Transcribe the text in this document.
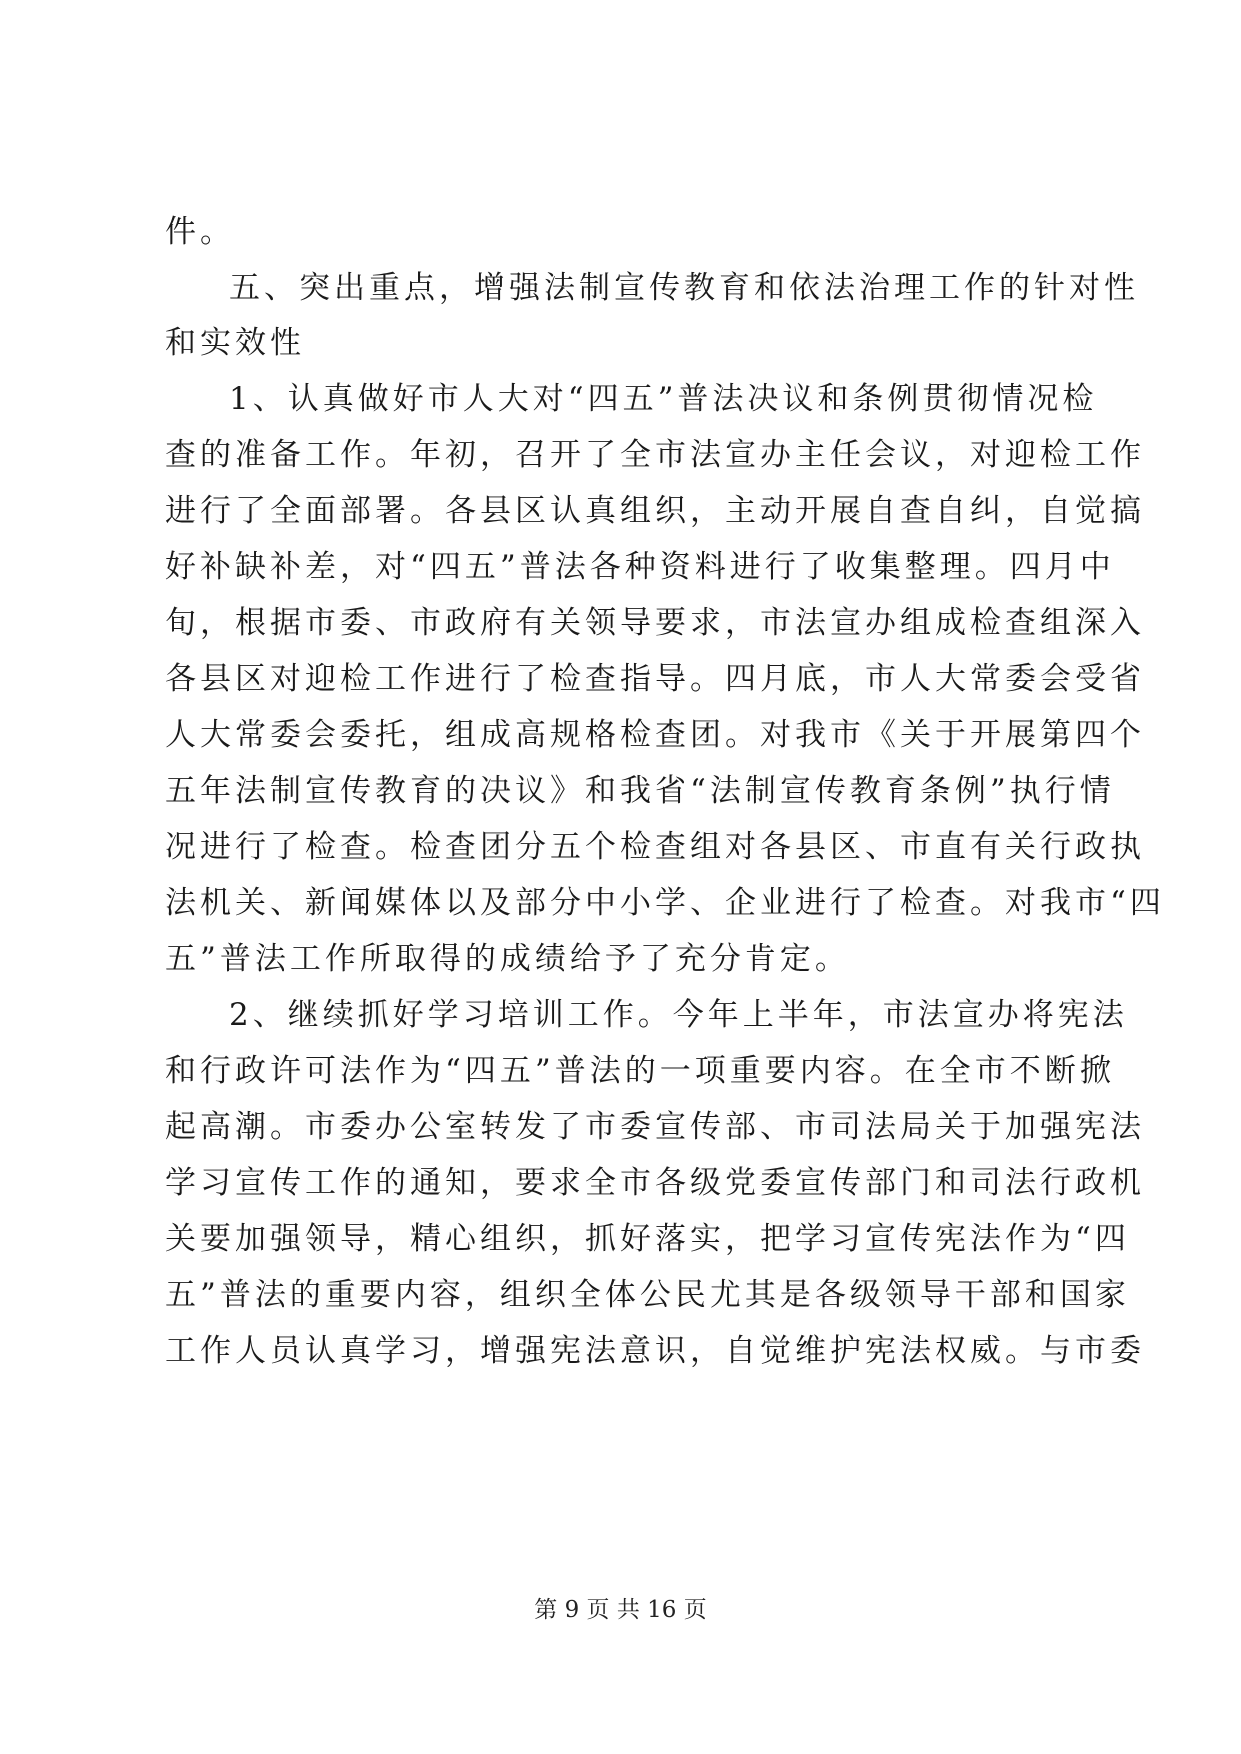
件。
五、突出重点，增强法制宣传教育和依法治理工作的针对性
和实效性
1、认真做好市人大对“四五”普法决议和条例贯彻情况检
查的准备工作。年初，召开了全市法宣办主任会议，对迎检工作
进行了全面部署。各县区认真组织，主动开展自查自纠，自觉搞
好补缺补差，对“四五”普法各种资料进行了收集整理。四月中
旬，根据市委、市政府有关领导要求，市法宣办组成检查组深入
各县区对迎检工作进行了检查指导。四月底，市人大常委会受省
人大常委会委托，组成高规格检查团。对我市《关于开展第四个
五年法制宣传教育的决议》和我省“法制宣传教育条例”执行情
况进行了检查。检查团分五个检查组对各县区、市直有关行政执
法机关、新闻媒体以及部分中小学、企业进行了检查。对我市“四
五”普法工作所取得的成绩给予了充分肯定。
2、继续抓好学习培训工作。今年上半年，市法宣办将宪法
和行政许可法作为“四五”普法的一项重要内容。在全市不断掀
起高潮。市委办公室转发了市委宣传部、市司法局关于加强宪法
学习宣传工作的通知，要求全市各级党委宣传部门和司法行政机
关要加强领导，精心组织，抓好落实，把学习宣传宪法作为“四
五”普法的重要内容，组织全体公民尤其是各级领导干部和国家
工作人员认真学习，增强宪法意识，自觉维护宪法权威。与市委
第 9 页 共 16 页
